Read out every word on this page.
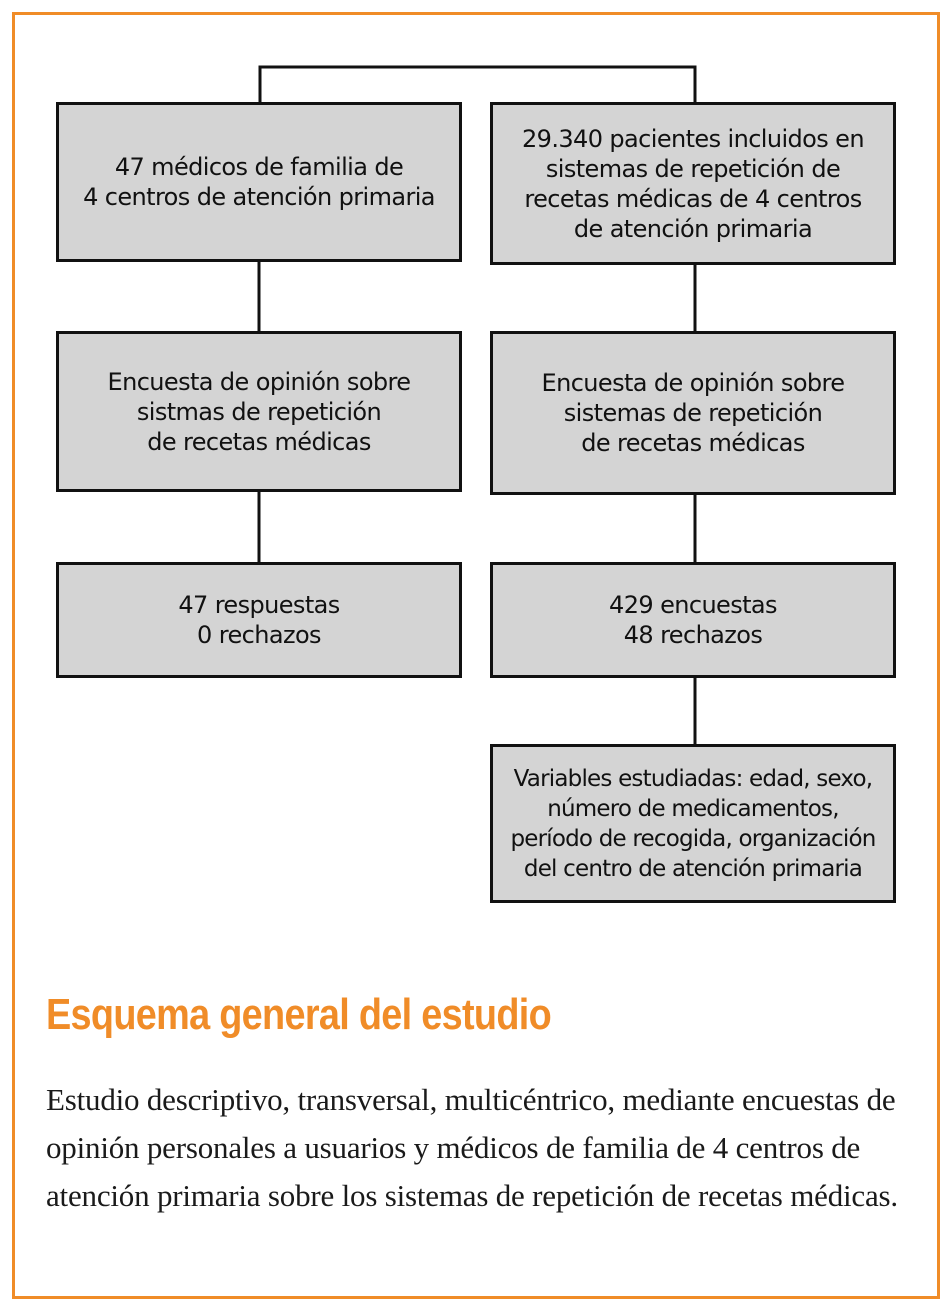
47 médicos de familia de
4 centros de atención primaria
Encuesta de opinión sobre
sistmas de repetición
de recetas médicas
47 respuestas
0 rechazos
29.340 pacientes incluidos en
sistemas de repetición de
recetas médicas de 4 centros
de atención primaria
Encuesta de opinión sobre
sistemas de repetición
de recetas médicas
429 encuestas
48 rechazos
Variables estudiadas: edad, sexo,
número de medicamentos,
período de recogida, organización
del centro de atención primaria
Esquema general del estudio
Estudio descriptivo, transversal, multicéntrico, mediante encuestas de opinión personales a usuarios y médicos de familia de 4 centros de atención primaria sobre los sistemas de repetición de recetas médicas.
